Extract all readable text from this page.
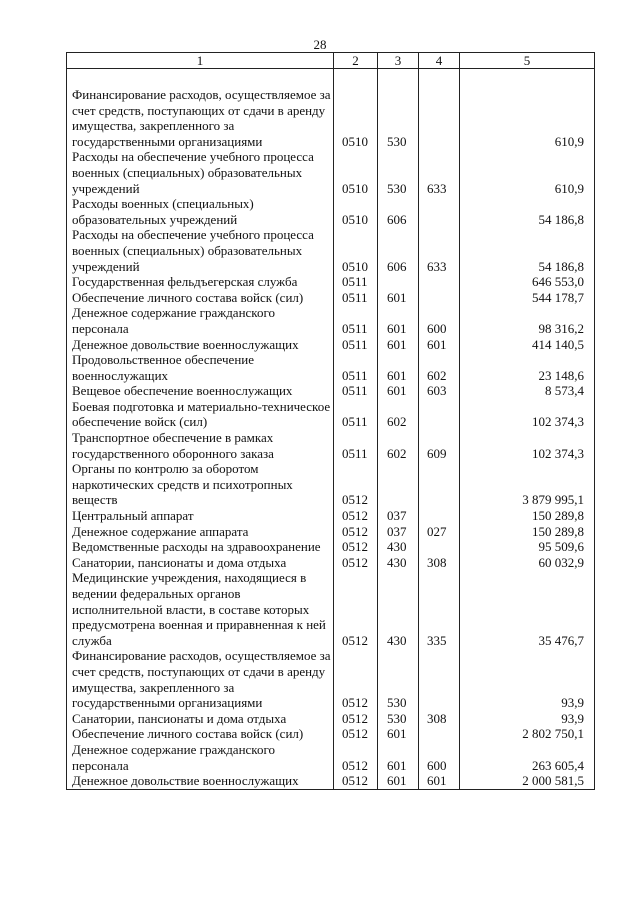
28
1	2	3	4	5

Финансирование расходов, осуществляемое за счет средств, поступающих от сдачи в аренду имущества, закрепленного за государственными организациями	0510	530		610,9
Расходы на обеспечение учебного процесса военных (специальных) образовательных учреждений	0510	530	633	610,9
Расходы военных (специальных) образовательных учреждений	0510	606		54 186,8
Расходы на обеспечение учебного процесса военных (специальных) образовательных учреждений	0510	606	633	54 186,8
Государственная фельдъегерская служба	0511			646 553,0
Обеспечение личного состава войск (сил)	0511	601		544 178,7
Денежное содержание гражданского персонала	0511	601	600	98 316,2
Денежное довольствие военнослужащих	0511	601	601	414 140,5
Продовольственное обеспечение военнослужащих	0511	601	602	23 148,6
Вещевое обеспечение военнослужащих	0511	601	603	8 573,4
Боевая подготовка и материально-техническое обеспечение войск (сил)	0511	602		102 374,3
Транспортное обеспечение в рамках государственного оборонного заказа	0511	602	609	102 374,3
Органы по контролю за оборотом наркотических средств и психотропных веществ	0512			3 879 995,1
Центральный аппарат	0512	037		150 289,8
Денежное содержание аппарата	0512	037	027	150 289,8
Ведомственные расходы на здравоохранение	0512	430		95 509,6
Санатории, пансионаты и дома отдыха	0512	430	308	60 032,9
Медицинские учреждения, находящиеся в ведении федеральных органов исполнительной власти, в составе которых предусмотрена военная и приравненная к ней служба	0512	430	335	35 476,7
Финансирование расходов, осуществляемое за счет средств, поступающих от сдачи в аренду имущества, закрепленного за государственными организациями	0512	530		93,9
Санатории, пансионаты и дома отдыха	0512	530	308	93,9
Обеспечение личного состава войск (сил)	0512	601		2 802 750,1
Денежное содержание гражданского персонала	0512	601	600	263 605,4
Денежное довольствие военнослужащих	0512	601	601	2 000 581,5
